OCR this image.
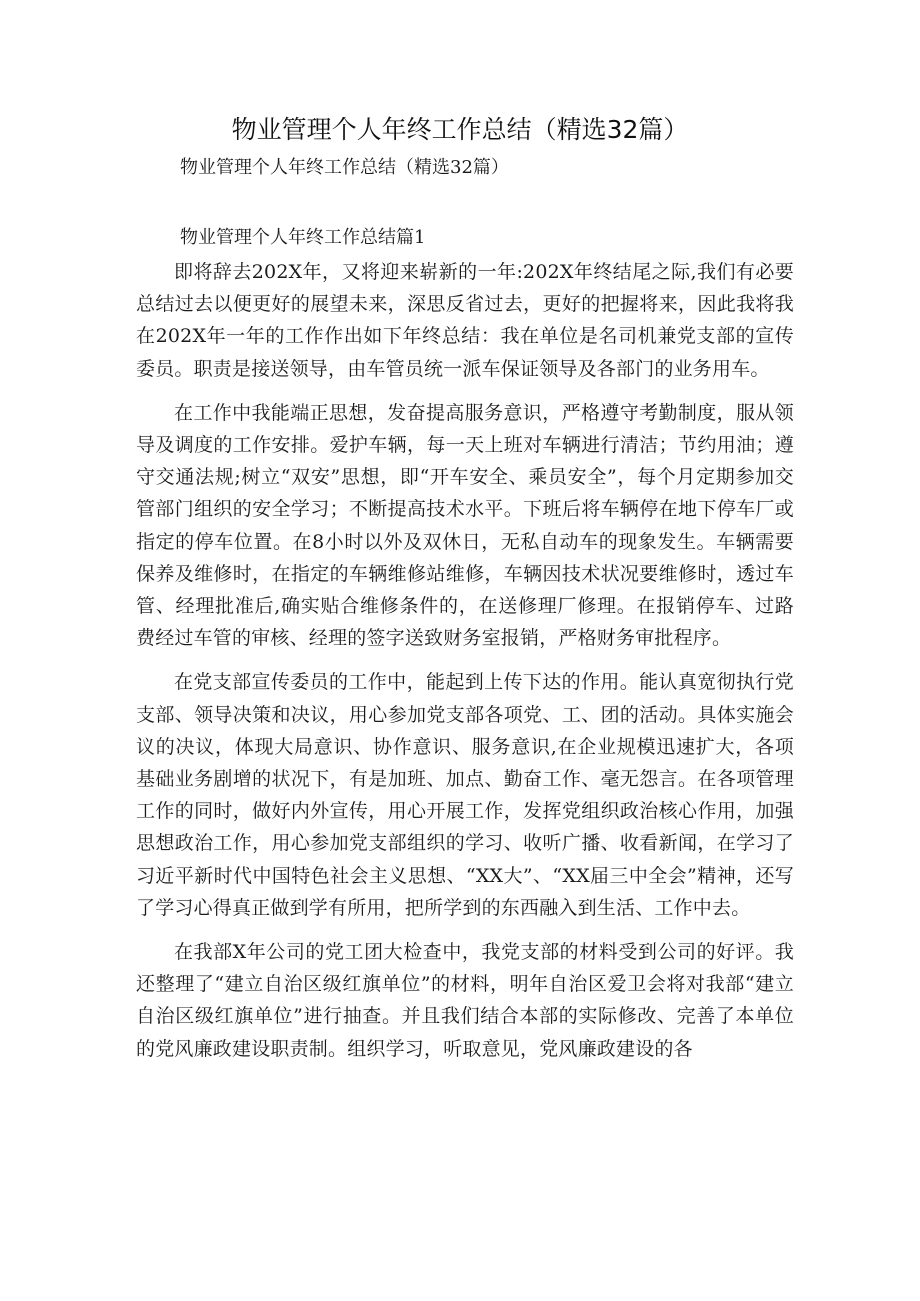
物业管理个人年终工作总结（精选32篇）

物业管理个人年终工作总结（精选32篇）

物业管理个人年终工作总结篇1

即将辞去202X年，又将迎来崭新的一年:202X年终结尾之际,我们有必要总结过去以便更好的展望未来，深思反省过去，更好的把握将来，因此我将我在202X年一年的工作作出如下年终总结：我在单位是名司机兼党支部的宣传委员。职责是接送领导，由车管员统一派车保证领导及各部门的业务用车。

在工作中我能端正思想，发奋提高服务意识，严格遵守考勤制度，服从领导及调度的工作安排。爱护车辆，每一天上班对车辆进行清洁；节约用油；遵守交通法规;树立“双安”思想，即“开车安全、乘员安全”，每个月定期参加交管部门组织的安全学习；不断提高技术水平。下班后将车辆停在地下停车厂或指定的停车位置。在8小时以外及双休日，无私自动车的现象发生。车辆需要保养及维修时，在指定的车辆维修站维修，车辆因技术状况要维修时，透过车管、经理批准后,确实贴合维修条件的，在送修理厂修理。在报销停车、过路费经过车管的审核、经理的签字送致财务室报销，严格财务审批程序。

在党支部宣传委员的工作中，能起到上传下达的作用。能认真宽彻执行党支部、领导决策和决议，用心参加党支部各项党、工、团的活动。具体实施会议的决议，体现大局意识、协作意识、服务意识,在企业规模迅速扩大，各项基础业务剧增的状况下，有是加班、加点、勤奋工作、毫无怨言。在各项管理工作的同时，做好内外宣传，用心开展工作，发挥党组织政治核心作用，加强思想政治工作，用心参加党支部组织的学习、收听广播、收看新闻，在学习了习近平新时代中国特色社会主义思想、“XX大”、“XX届三中全会”精神，还写了学习心得真正做到学有所用，把所学到的东西融入到生活、工作中去。

在我部X年公司的党工团大检查中，我党支部的材料受到公司的好评。我还整理了“建立自治区级红旗单位”的材料，明年自治区爱卫会将对我部“建立自治区级红旗单位”进行抽查。并且我们结合本部的实际修改、完善了本单位的党风廉政建设职责制。组织学习，听取意见，党风廉政建设的各
